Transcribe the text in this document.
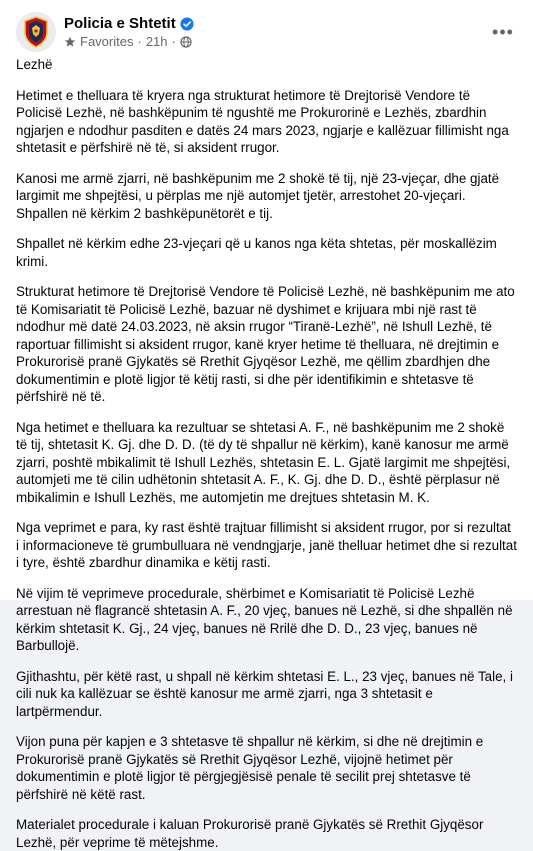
Policia e Shtetit
Favorites · 21h ·	•••

Lezhë

Hetimet e thelluara të kryera nga strukturat hetimore të Drejtorisë Vendore të Policisë Lezhë, në bashkëpunim të ngushtë me Prokurorinë e Lezhës, zbardhin ngjarjen e ndodhur pasditen e datës 24 mars 2023, ngjarje e kallëzuar fillimisht nga shtetasit e përfshirë në të, si aksident rrugor.

Kanosi me armë zjarri, në bashkëpunim me 2 shokë të tij, një 23-vjeçar, dhe gjatë largimit me shpejtësi, u përplas me një automjet tjetër, arrestohet 20-vjeçari. Shpallen në kërkim 2 bashkëpunëtorët e tij.

Shpallet në kërkim edhe 23-vjeçari që u kanos nga këta shtetas, për moskallëzim krimi.

Strukturat hetimore të Drejtorisë Vendore të Policisë Lezhë, në bashkëpunim me ato të Komisariatit të Policisë Lezhë, bazuar në dyshimet e krijuara mbi një rast të ndodhur më datë 24.03.2023, në aksin rrugor “Tiranë-Lezhë”, në Ishull Lezhë, të raportuar fillimisht si aksident rrugor, kanë kryer hetime të thelluara, në drejtimin e Prokurorisë pranë Gjykatës së Rrethit Gjyqësor Lezhë, me qëllim zbardhjen dhe dokumentimin e plotë ligjor të këtij rasti, si dhe për identifikimin e shtetasve të përfshirë në të.

Nga hetimet e thelluara ka rezultuar se shtetasi A. F., në bashkëpunim me 2 shokë të tij, shtetasit K. Gj. dhe D. D. (të dy të shpallur në kërkim), kanë kanosur me armë zjarri, poshtë mbikalimit të Ishull Lezhës, shtetasin E. L. Gjatë largimit me shpejtësi, automjeti me të cilin udhëtonin shtetasit A. F., K. Gj. dhe D. D., është përplasur në mbikalimin e Ishull Lezhës, me automjetin me drejtues shtetasin M. K.

Nga veprimet e para, ky rast është trajtuar fillimisht si aksident rrugor, por si rezultat i informacioneve të grumbulluara në vendngjarje, janë thelluar hetimet dhe si rezultat i tyre, është zbardhur dinamika e këtij rasti.

Në vijim të veprimeve procedurale, shërbimet e Komisariatit të Policisë Lezhë arrestuan në flagrancë shtetasin A. F., 20 vjeç, banues në Lezhë, si dhe shpallën në kërkim shtetasit K. Gj., 24 vjeç, banues në Rrilë dhe D. D., 23 vjeç, banues në Barbullojë.

Gjithashtu, për këtë rast, u shpall në kërkim shtetasi E. L., 23 vjeç, banues në Tale, i cili nuk ka kallëzuar se është kanosur me armë zjarri, nga 3 shtetasit e lartpërmendur.

Vijon puna për kapjen e 3 shtetasve të shpallur në kërkim, si dhe në drejtimin e Prokurorisë pranë Gjykatës së Rrethit Gjyqësor Lezhë, vijojnë hetimet për dokumentimin e plotë ligjor të përgjegjësisë penale të secilit prej shtetasve të përfshirë në këtë rast.

Materialet procedurale i kaluan Prokurorisë pranë Gjykatës së Rrethit Gjyqësor Lezhë, për veprime të mëtejshme.
